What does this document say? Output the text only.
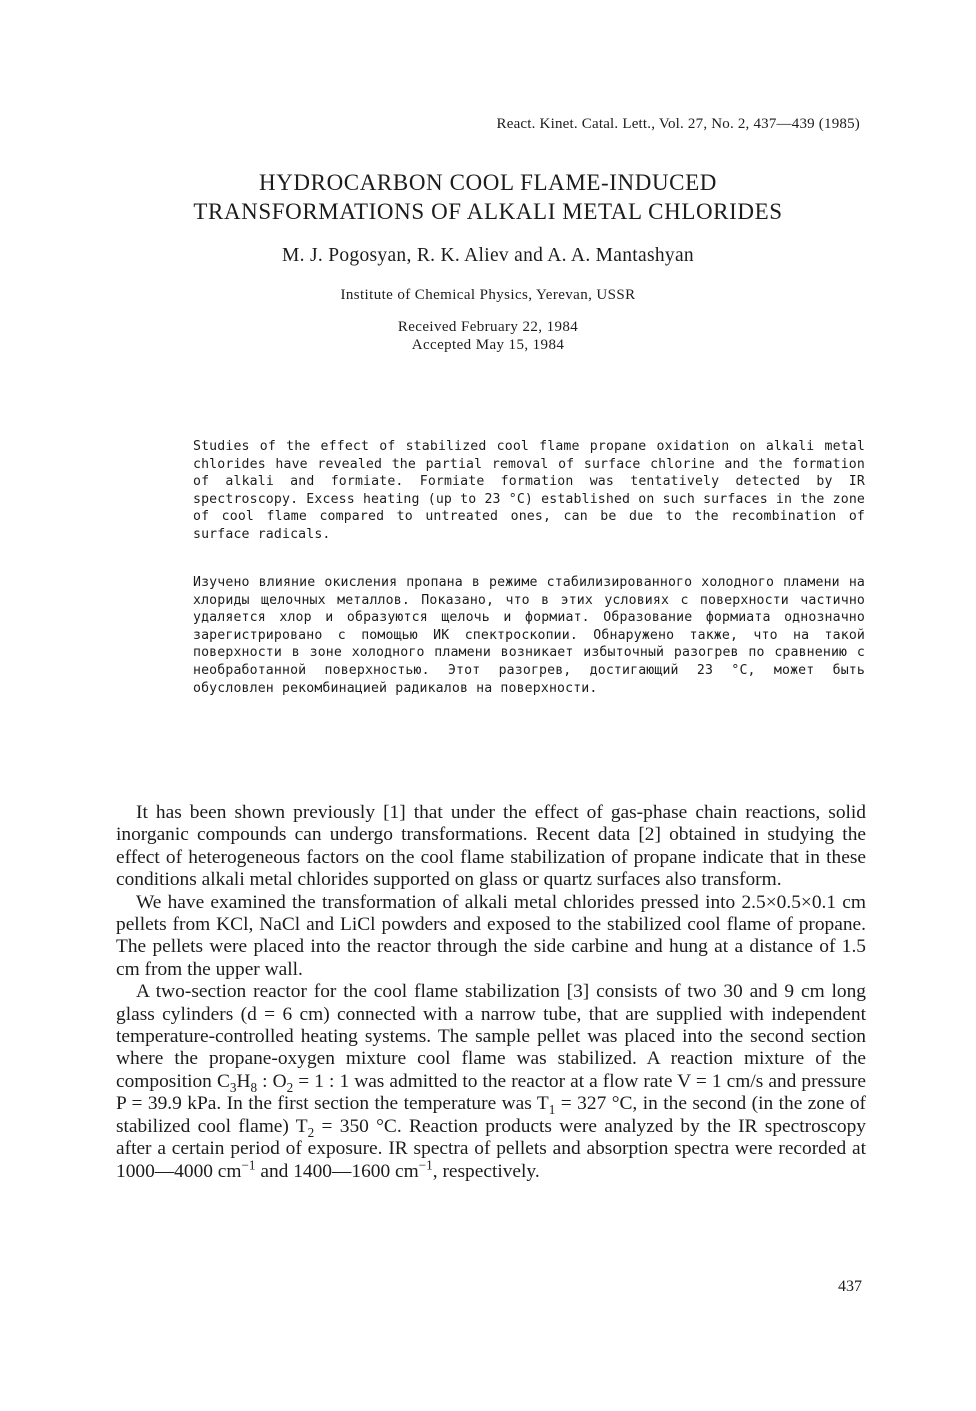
React. Kinet. Catal. Lett., Vol. 27, No. 2, 437—439 (1985)
HYDROCARBON COOL FLAME-INDUCED
TRANSFORMATIONS OF ALKALI METAL CHLORIDES
M. J. Pogosyan, R. K. Aliev and A. A. Mantashyan
Institute of Chemical Physics, Yerevan, USSR
Received February 22, 1984
Accepted May 15, 1984

Studies of the effect of stabilized cool flame propane oxidation on alkali metal chlorides have revealed the partial removal of surface chlorine and the formation of alkali and formiate. Formiate formation was tentatively detected by IR spectroscopy. Excess heating (up to 23 °C) established on such surfaces in the zone of cool flame compared to untreated ones, can be due to the recombination of surface radicals.

Изучено влияние окисления пропана в режиме стабилизированного холодного пламени на хлориды щелочных металлов. Показано, что в этих условиях с поверхности частично удаляется хлор и образуются щелочь и формиат. Образование формиата однозначно зарегистрировано с помощью ИК спектроскопии. Обнаружено также, что на такой поверхности в зоне холодного пламени возникает избыточный разогрев по сравнению с необработанной поверхностью. Этот разогрев, достигающий 23 °С, может быть обусловлен рекомбинацией радикалов на поверхности.

It has been shown previously [1] that under the effect of gas-phase chain reactions, solid inorganic compounds can undergo transformations. Recent data [2] obtained in studying the effect of heterogeneous factors on the cool flame stabilization of propane indicate that in these conditions alkali metal chlorides supported on glass or quartz surfaces also transform.

We have examined the transformation of alkali metal chlorides pressed into 2.5×0.5×0.1 cm pellets from KCl, NaCl and LiCl powders and exposed to the stabilized cool flame of propane. The pellets were placed into the reactor through the side carbine and hung at a distance of 1.5 cm from the upper wall.

A two-section reactor for the cool flame stabilization [3] consists of two 30 and 9 cm long glass cylinders (d = 6 cm) connected with a narrow tube, that are supplied with independent temperature-controlled heating systems. The sample pellet was placed into the second section where the propane-oxygen mixture cool flame was stabilized. A reaction mixture of the composition $C_3H_8$ : $O_2 = 1$ : 1 was admitted to the reactor at a flow rate V = 1 cm/s and pressure P = 39.9 kPa. In the first section the temperature was $T_1 = 327$ °C, in the second (in the zone of stabilized cool flame) $T_2 = 350$ °C. Reaction products were analyzed by the IR spectroscopy after a certain period of exposure. IR spectra of pellets and absorption spectra were recorded at 1000—4000 $cm^{-1}$ and 1400—1600 $cm^{-1}$, respectively.

437
